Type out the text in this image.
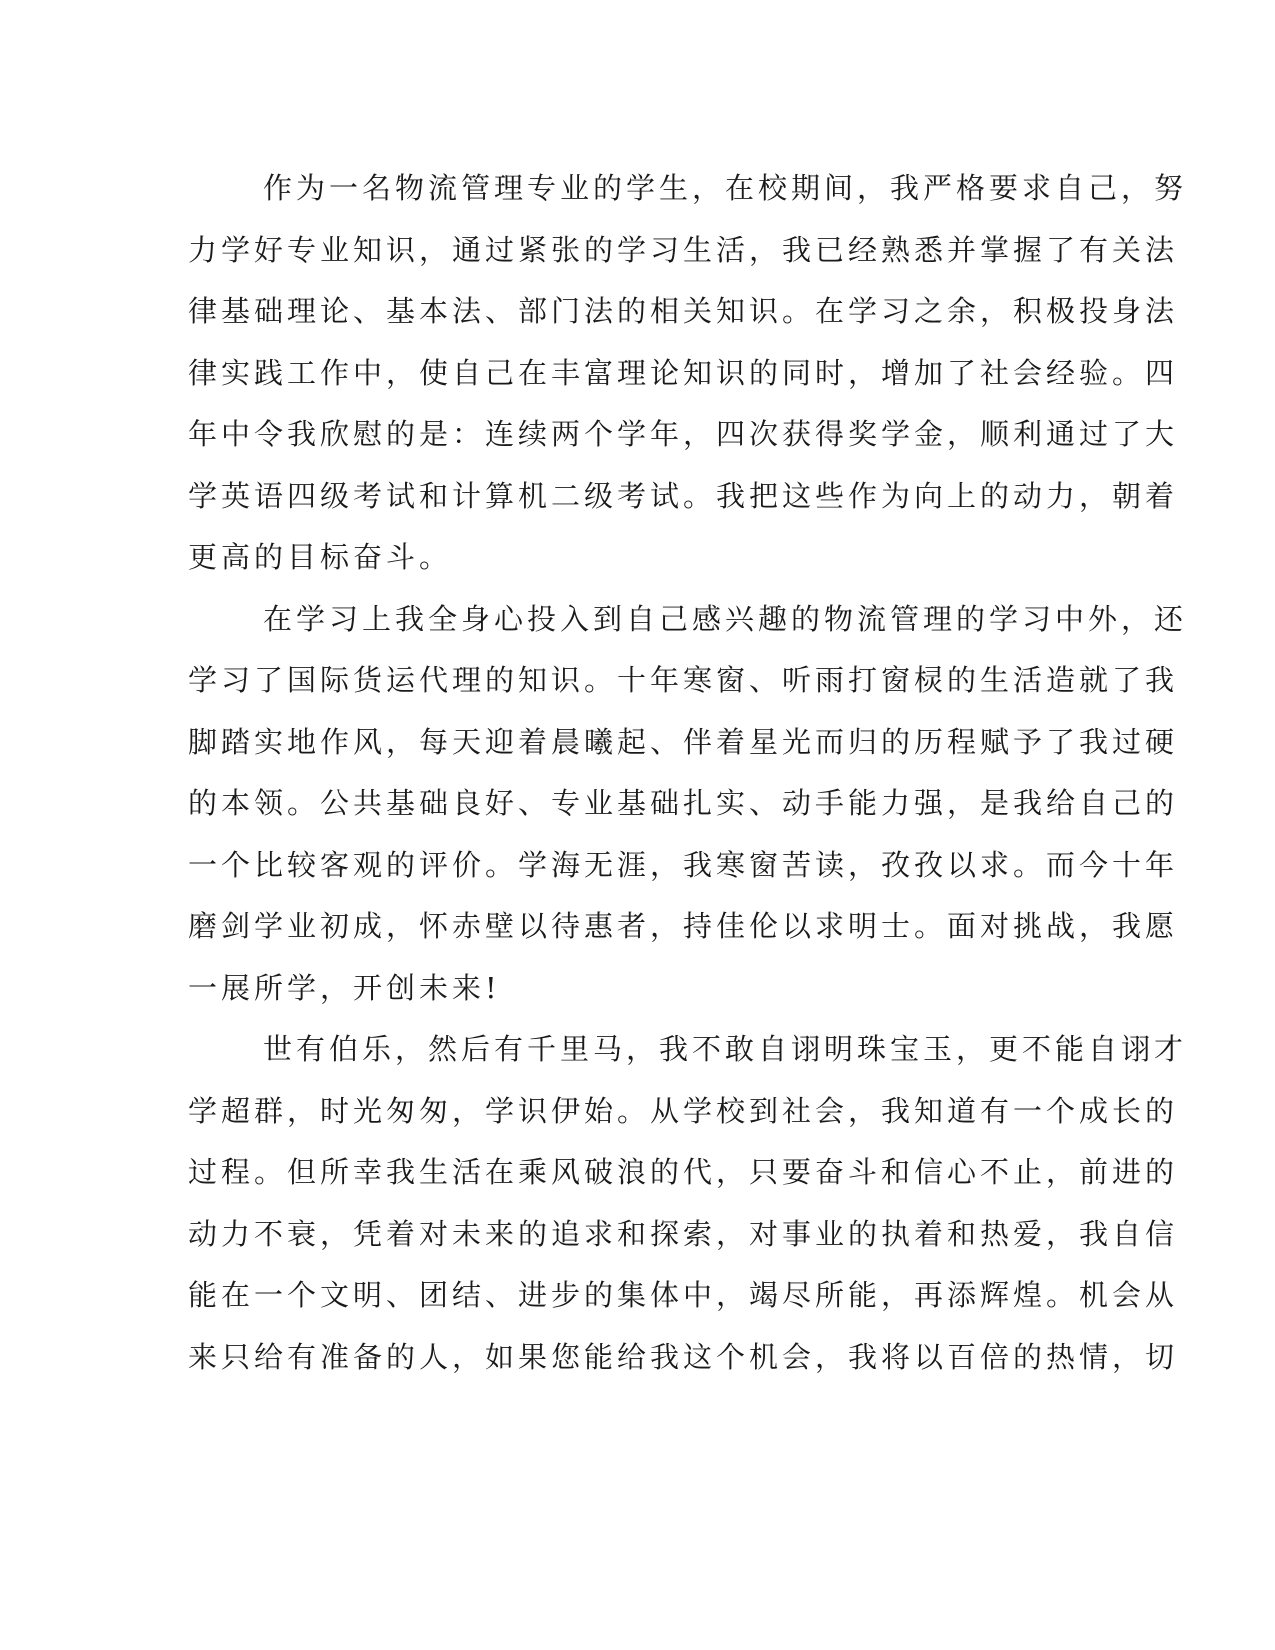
作为一名物流管理专业的学生，在校期间，我严格要求自己，努
力学好专业知识，通过紧张的学习生活，我已经熟悉并掌握了有关法
律基础理论、基本法、部门法的相关知识。在学习之余，积极投身法
律实践工作中，使自己在丰富理论知识的同时，增加了社会经验。四
年中令我欣慰的是：连续两个学年，四次获得奖学金，顺利通过了大
学英语四级考试和计算机二级考试。我把这些作为向上的动力，朝着
更高的目标奋斗。

在学习上我全身心投入到自己感兴趣的物流管理的学习中外，还
学习了国际货运代理的知识。十年寒窗、听雨打窗棂的生活造就了我
脚踏实地作风，每天迎着晨曦起、伴着星光而归的历程赋予了我过硬
的本领。公共基础良好、专业基础扎实、动手能力强，是我给自己的
一个比较客观的评价。学海无涯，我寒窗苦读，孜孜以求。而今十年
磨剑学业初成，怀赤壁以待惠者，持佳伦以求明士。面对挑战，我愿
一展所学，开创未来!

世有伯乐，然后有千里马，我不敢自诩明珠宝玉，更不能自诩才
学超群，时光匆匆，学识伊始。从学校到社会，我知道有一个成长的
过程。但所幸我生活在乘风破浪的代，只要奋斗和信心不止，前进的
动力不衰，凭着对未来的追求和探索，对事业的执着和热爱，我自信
能在一个文明、团结、进步的集体中，竭尽所能，再添辉煌。机会从
来只给有准备的人，如果您能给我这个机会，我将以百倍的热情，切
